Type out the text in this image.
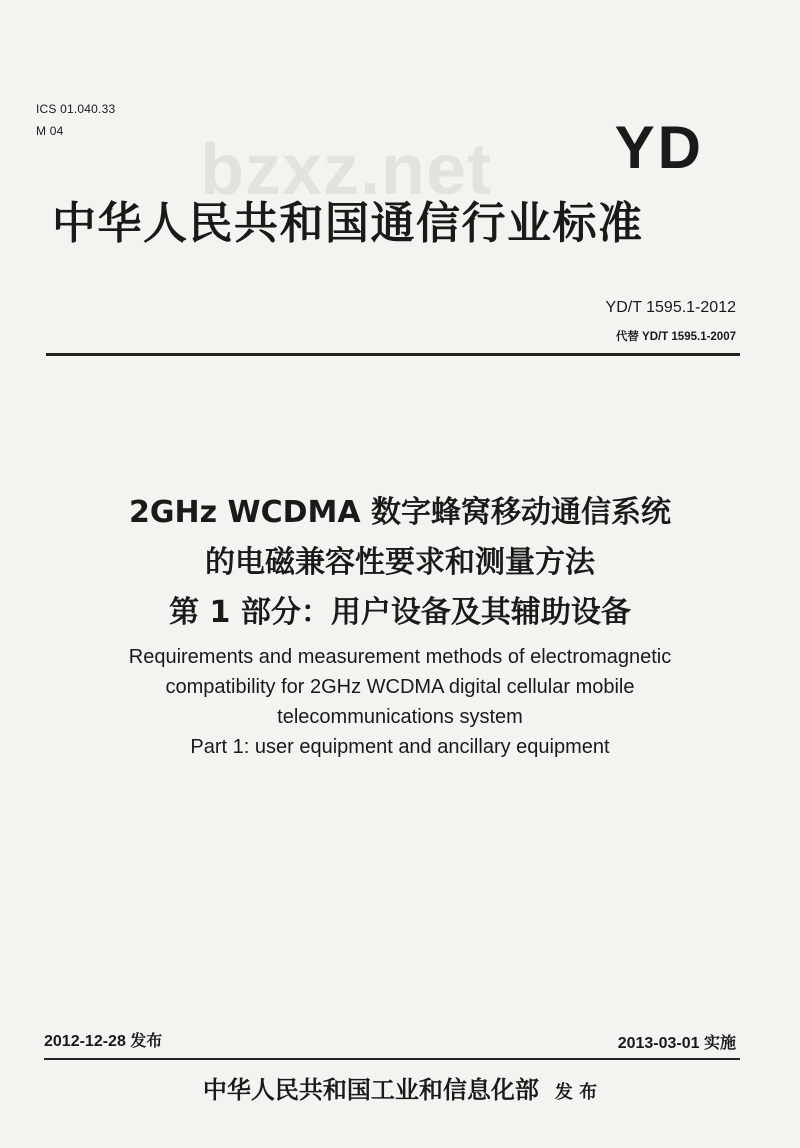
ICS 01.040.33
M 04	bzxz.net YD
中华人民共和国通信行业标准
YD/T 1595.1-2012
代替 YD/T 1595.1-2007
2GHz WCDMA 数字蜂窝移动通信系统
的电磁兼容性要求和测量方法
第 1 部分：用户设备及其辅助设备
Requirements and measurement methods of electromagnetic
compatibility for 2GHz WCDMA digital cellular mobile
telecommunications system
Part 1: user equipment and ancillary equipment
2012-12-28 发布	2013-03-01 实施
中华人民共和国工业和信息化部 发 布
